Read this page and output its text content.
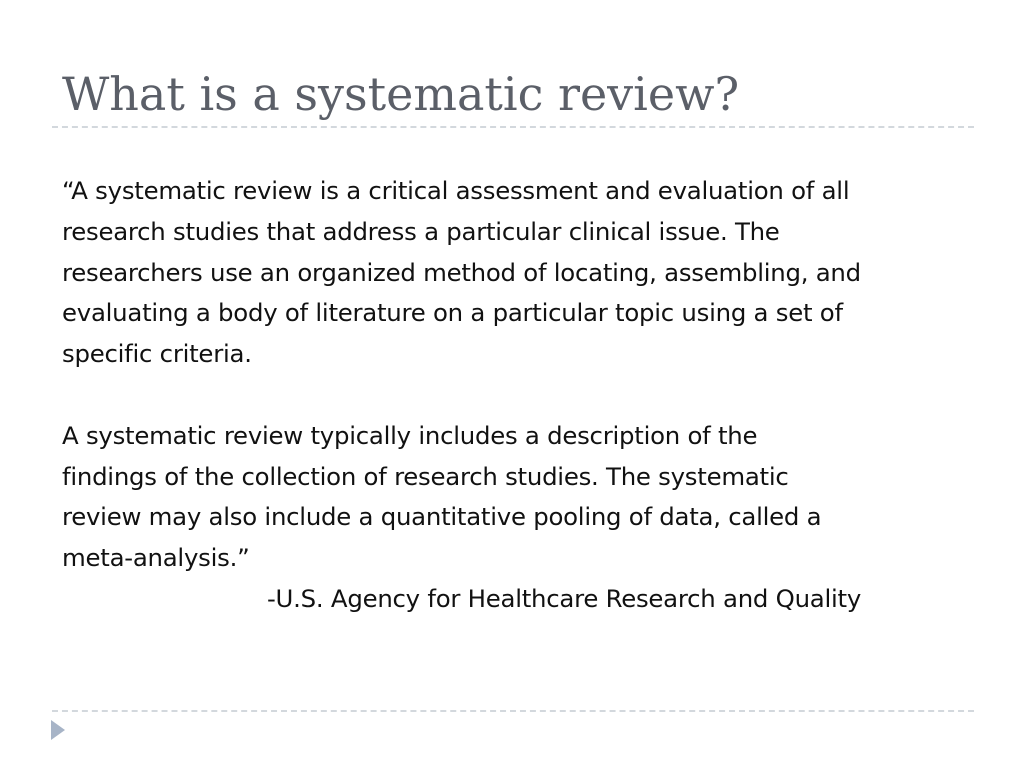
What is a systematic review?

“A systematic review is a critical assessment and evaluation of all
research studies that address a particular clinical issue. The
researchers use an organized method of locating, assembling, and
evaluating a body of literature on a particular topic using a set of
specific criteria.

A systematic review typically includes a description of the
findings of the collection of research studies. The systematic
review may also include a quantitative pooling of data, called a
meta-analysis.”

-U.S. Agency for Healthcare Research and Quality
